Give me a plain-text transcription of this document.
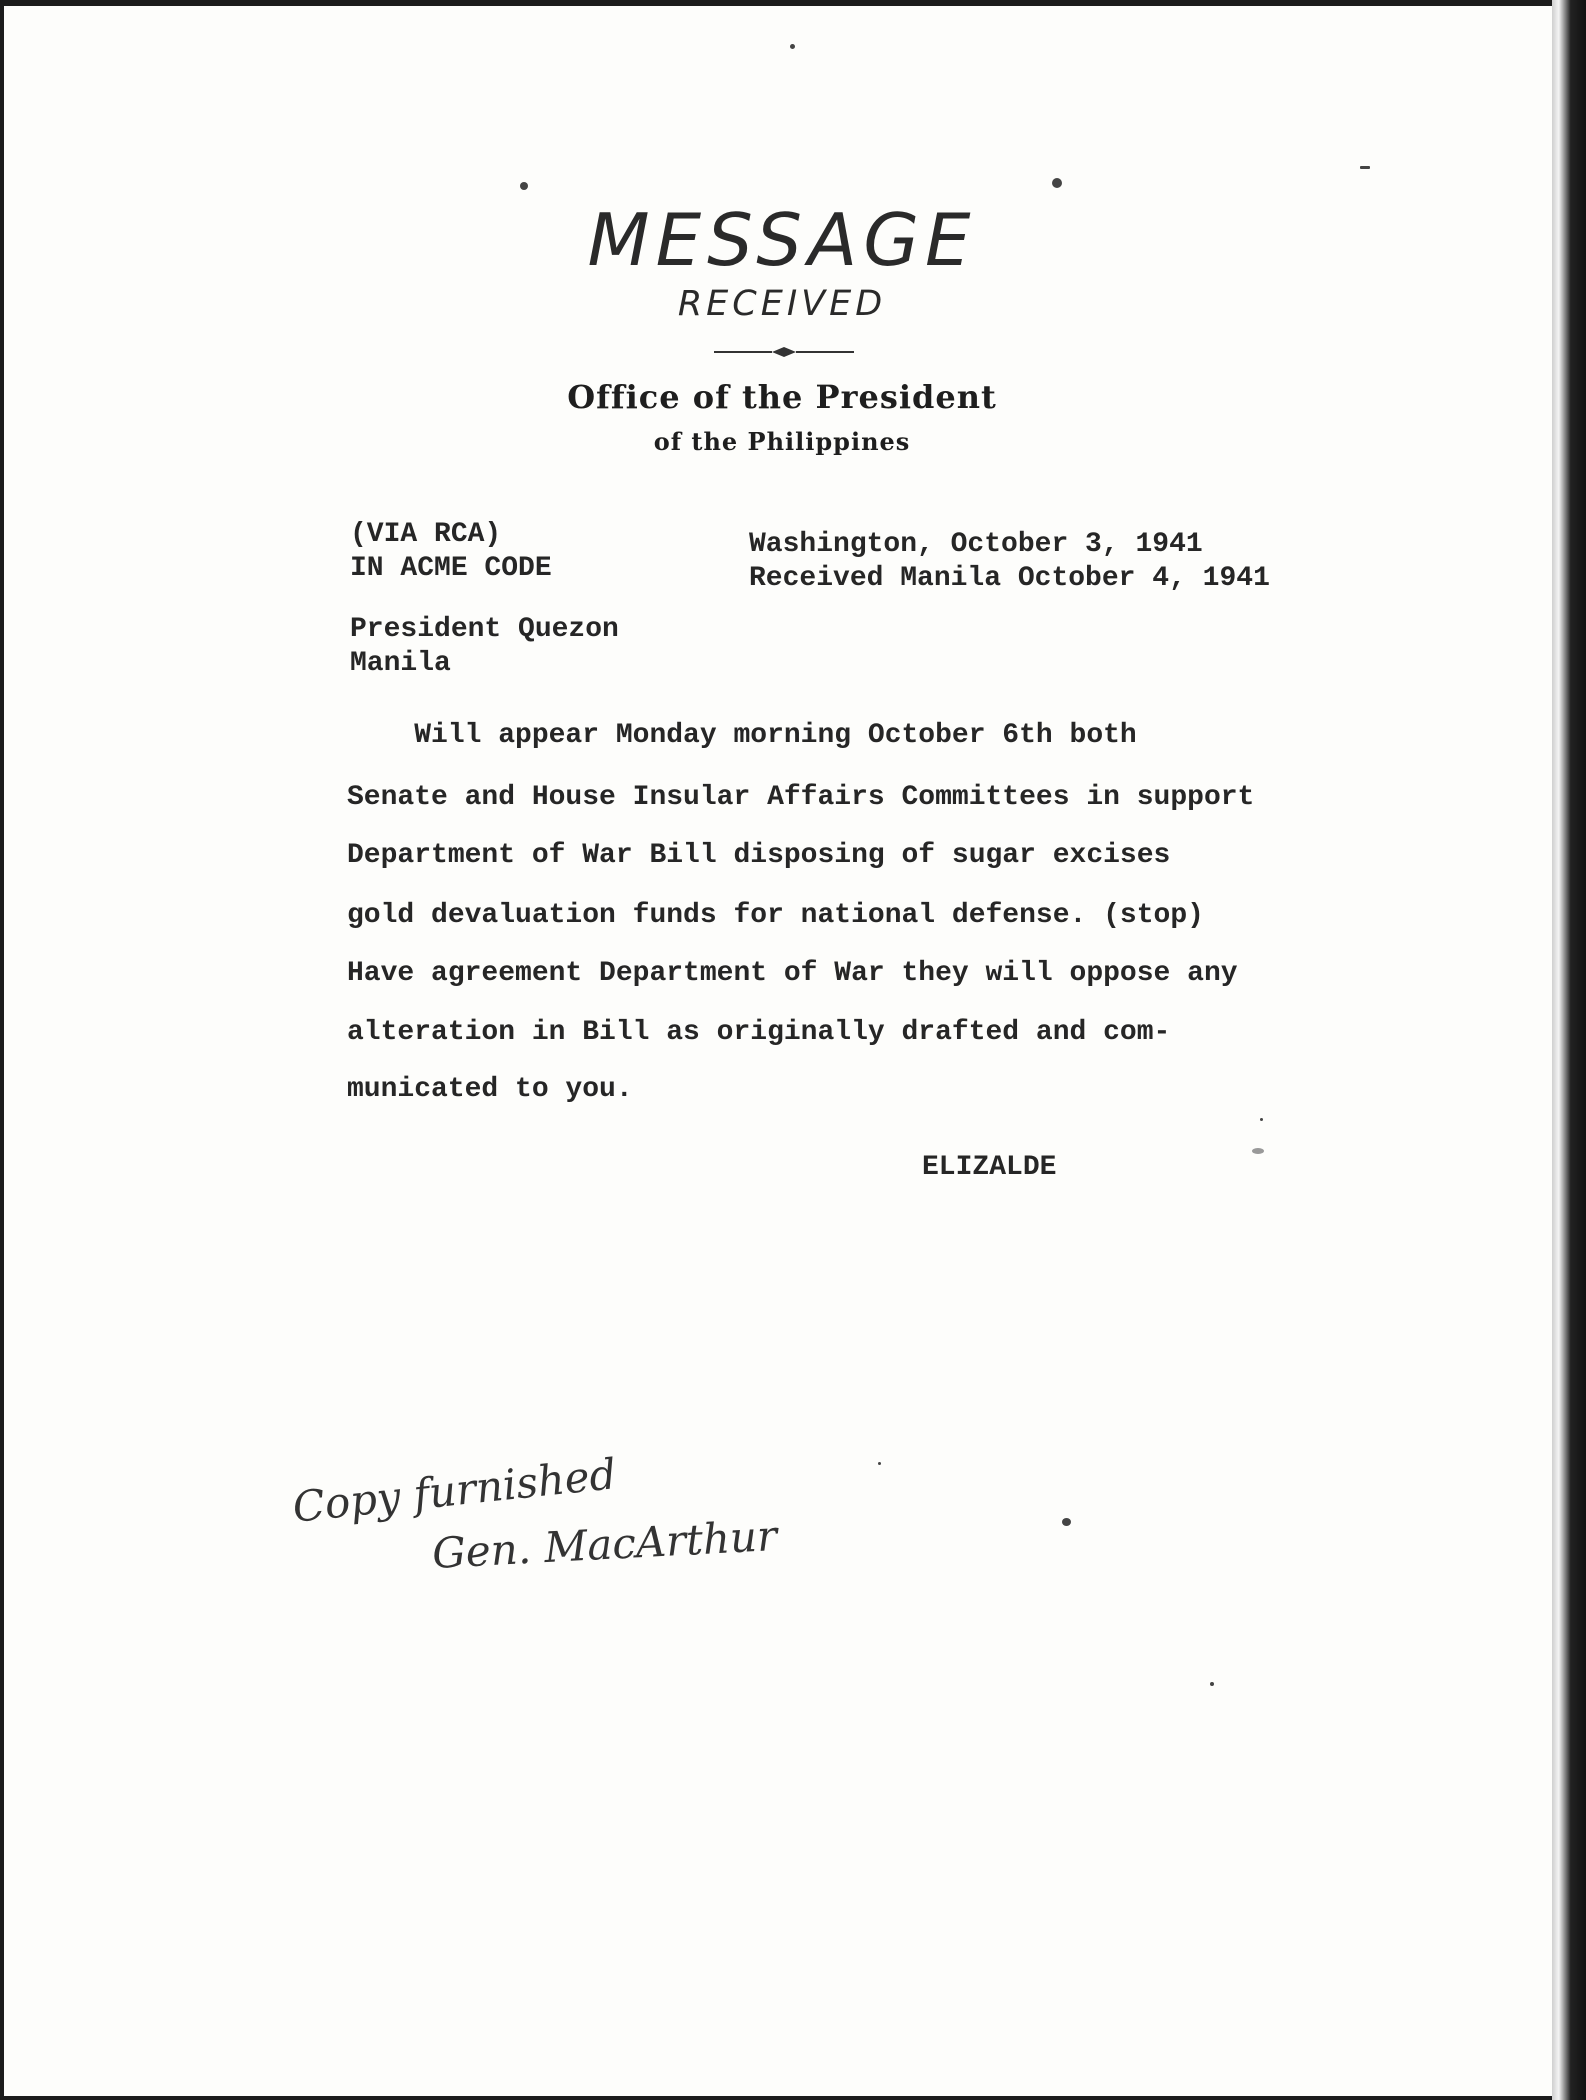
MESSAGE
RECEIVED
Office of the President
of the Philippines
(VIA RCA)
IN ACME CODE
Washington, October 3, 1941
Received Manila October 4, 1941
President Quezon
Manila
Will appear Monday morning October 6th both
Senate and House Insular Affairs Committees in support
Department of War Bill disposing of sugar excises
gold devaluation funds for national defense. (stop)
Have agreement Department of War they will oppose any
alteration in Bill as originally drafted and com-
municated to you.
ELIZALDE
Copy furnished
Gen. MacArthur
